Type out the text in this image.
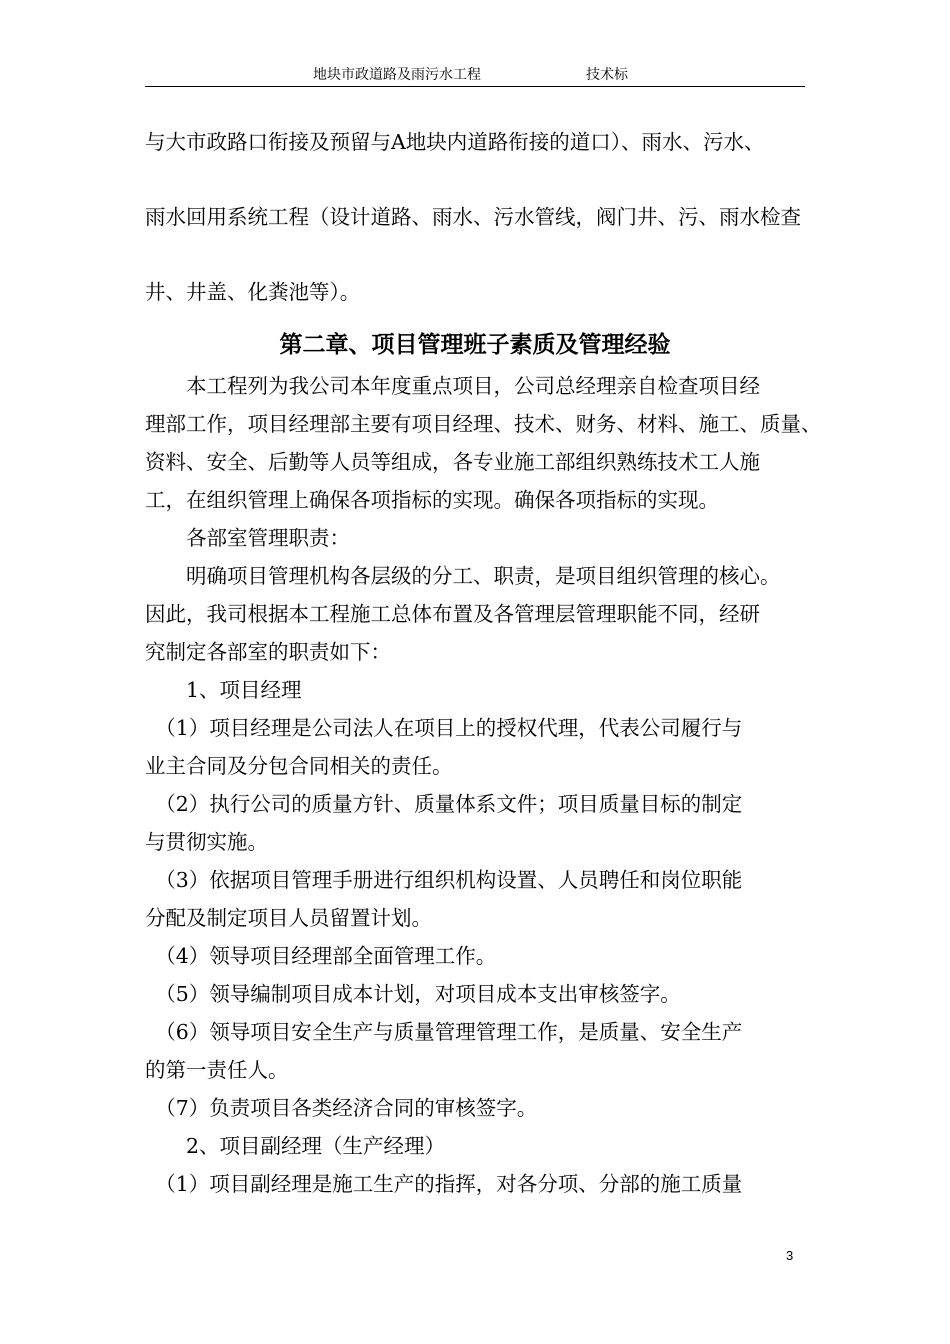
地块市政道路及雨污水工程	技术标
与大市政路口衔接及预留与A地块内道路衔接的道口）、雨水、污水、
雨水回用系统工程（设计道路、雨水、污水管线，阀门井、污、雨水检查
井、井盖、化粪池等）。
第二章、项目管理班子素质及管理经验
　　本工程列为我公司本年度重点项目，公司总经理亲自检查项目经
理部工作，项目经理部主要有项目经理、技术、财务、材料、施工、质量、
资料、安全、后勤等人员等组成，各专业施工部组织熟练技术工人施
工，在组织管理上确保各项指标的实现。确保各项指标的实现。
　　各部室管理职责：
　　明确项目管理机构各层级的分工、职责，是项目组织管理的核心。
因此，我司根据本工程施工总体布置及各管理层管理职能不同，经研
究制定各部室的职责如下：
　　1、项目经理
　（1）项目经理是公司法人在项目上的授权代理，代表公司履行与
业主合同及分包合同相关的责任。
　（2）执行公司的质量方针、质量体系文件；项目质量目标的制定
与贯彻实施。
　（3）依据项目管理手册进行组织机构设置、人员聘任和岗位职能
分配及制定项目人员留置计划。
　（4）领导项目经理部全面管理工作。
　（5）领导编制项目成本计划，对项目成本支出审核签字。
　（6）领导项目安全生产与质量管理管理工作，是质量、安全生产
的第一责任人。
　（7）负责项目各类经济合同的审核签字。
　　2、项目副经理（生产经理）
　（1）项目副经理是施工生产的指挥，对各分项、分部的施工质量
3
